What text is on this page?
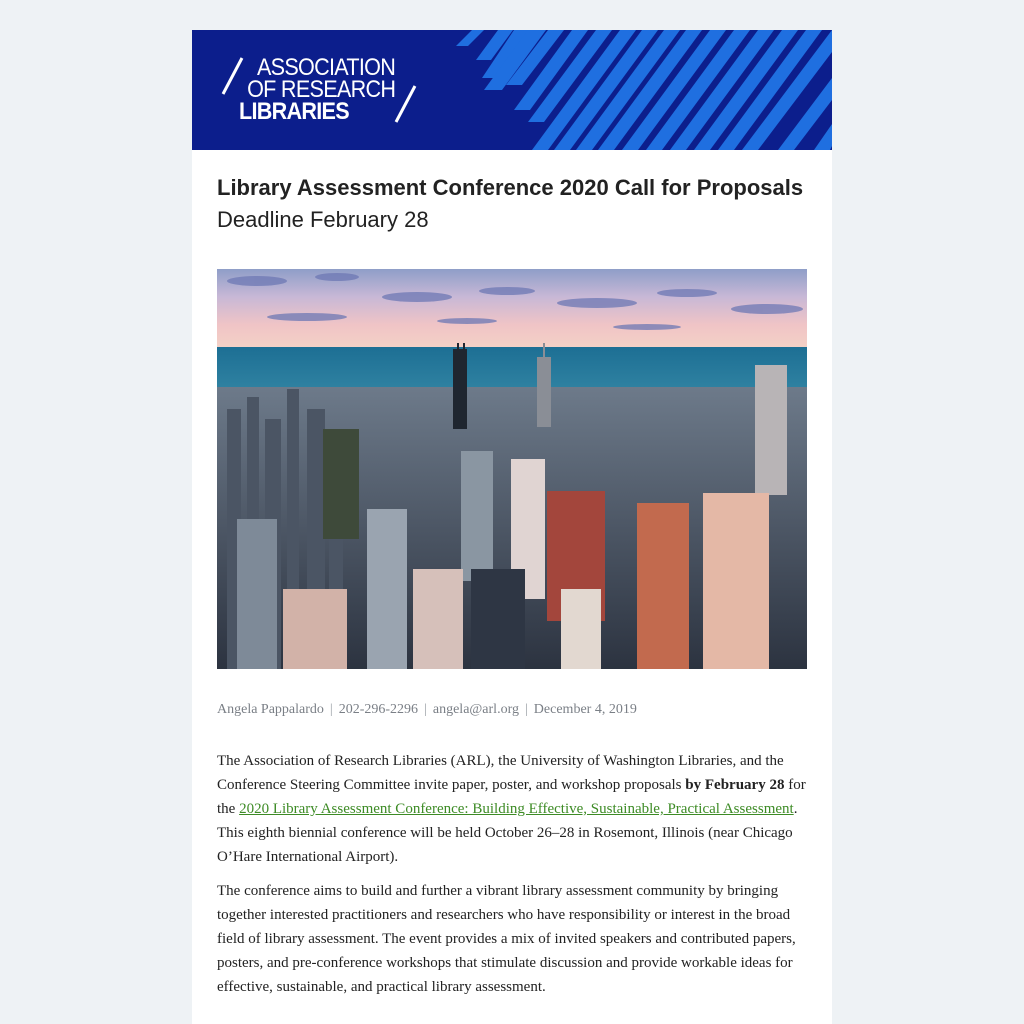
ASSOCIATION
OF RESEARCH
LIBRARIES
Library Assessment Conference 2020 Call for Proposals
Deadline February 28
Angela Pappalardo | 202-296-2296 | angela@arl.org | December 4, 2019

The Association of Research Libraries (ARL), the University of Washington Libraries, and the Conference Steering Committee invite paper, poster, and workshop proposals by February 28 for the 2020 Library Assessment Conference: Building Effective, Sustainable, Practical Assessment. This eighth biennial conference will be held October 26–28 in Rosemont, Illinois (near Chicago O’Hare International Airport).

The conference aims to build and further a vibrant library assessment community by bringing together interested practitioners and researchers who have responsibility or interest in the broad field of library assessment. The event provides a mix of invited speakers and contributed papers, posters, and pre-conference workshops that stimulate discussion and provide workable ideas for effective, sustainable, and practical library assessment.
